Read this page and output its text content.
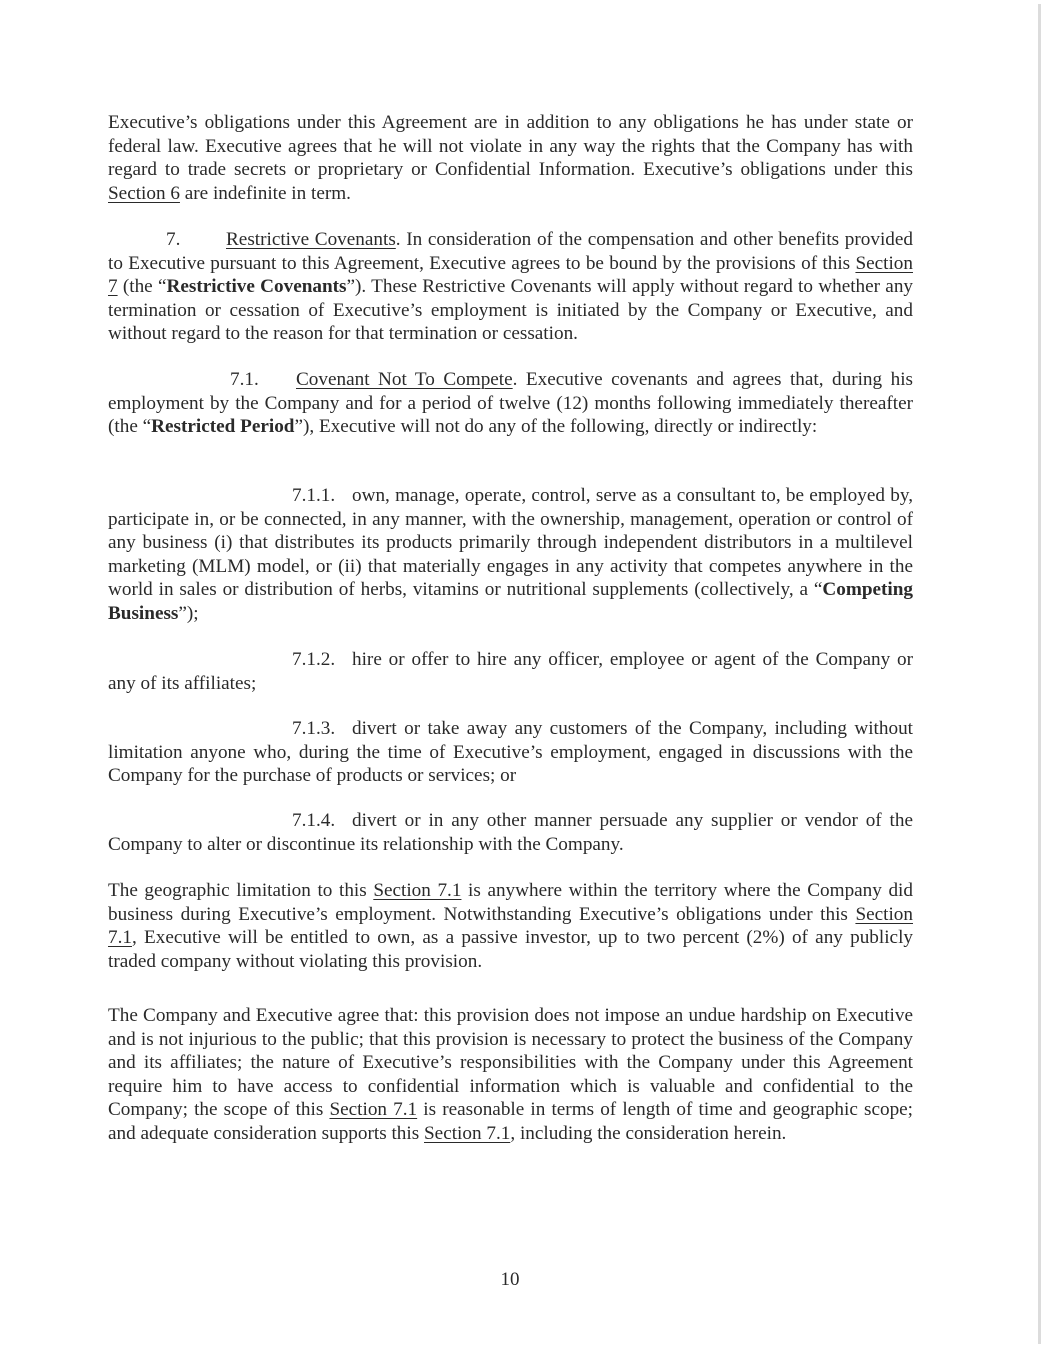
Executive’s obligations under this Agreement are in addition to any obligations he has under state or federal law. Executive agrees that he will not violate in any way the rights that the Company has with regard to trade secrets or proprietary or Confidential Information. Executive’s obligations under this Section 6 are indefinite in term.

7. Restrictive Covenants. In consideration of the compensation and other benefits provided to Executive pursuant to this Agreement, Executive agrees to be bound by the provisions of this Section 7 (the “Restrictive Covenants”). These Restrictive Covenants will apply without regard to whether any termination or cessation of Executive’s employment is initiated by the Company or Executive, and without regard to the reason for that termination or cessation.

7.1. Covenant Not To Compete. Executive covenants and agrees that, during his employment by the Company and for a period of twelve (12) months following immediately thereafter (the “Restricted Period”), Executive will not do any of the following, directly or indirectly:

7.1.1. own, manage, operate, control, serve as a consultant to, be employed by, participate in, or be connected, in any manner, with the ownership, management, operation or control of any business (i) that distributes its products primarily through independent distributors in a multilevel marketing (MLM) model, or (ii) that materially engages in any activity that competes anywhere in the world in sales or distribution of herbs, vitamins or nutritional supplements (collectively, a “Competing Business”);

7.1.2. hire or offer to hire any officer, employee or agent of the Company or any of its affiliates;

7.1.3. divert or take away any customers of the Company, including without limitation anyone who, during the time of Executive’s employment, engaged in discussions with the Company for the purchase of products or services; or

7.1.4. divert or in any other manner persuade any supplier or vendor of the Company to alter or discontinue its relationship with the Company.

The geographic limitation to this Section 7.1 is anywhere within the territory where the Company did business during Executive’s employment. Notwithstanding Executive’s obligations under this Section 7.1, Executive will be entitled to own, as a passive investor, up to two percent (2%) of any publicly traded company without violating this provision.

The Company and Executive agree that: this provision does not impose an undue hardship on Executive and is not injurious to the public; that this provision is necessary to protect the business of the Company and its affiliates; the nature of Executive’s responsibilities with the Company under this Agreement require him to have access to confidential information which is valuable and confidential to the Company; the scope of this Section 7.1 is reasonable in terms of length of time and geographic scope; and adequate consideration supports this Section 7.1, including the consideration herein.

10
